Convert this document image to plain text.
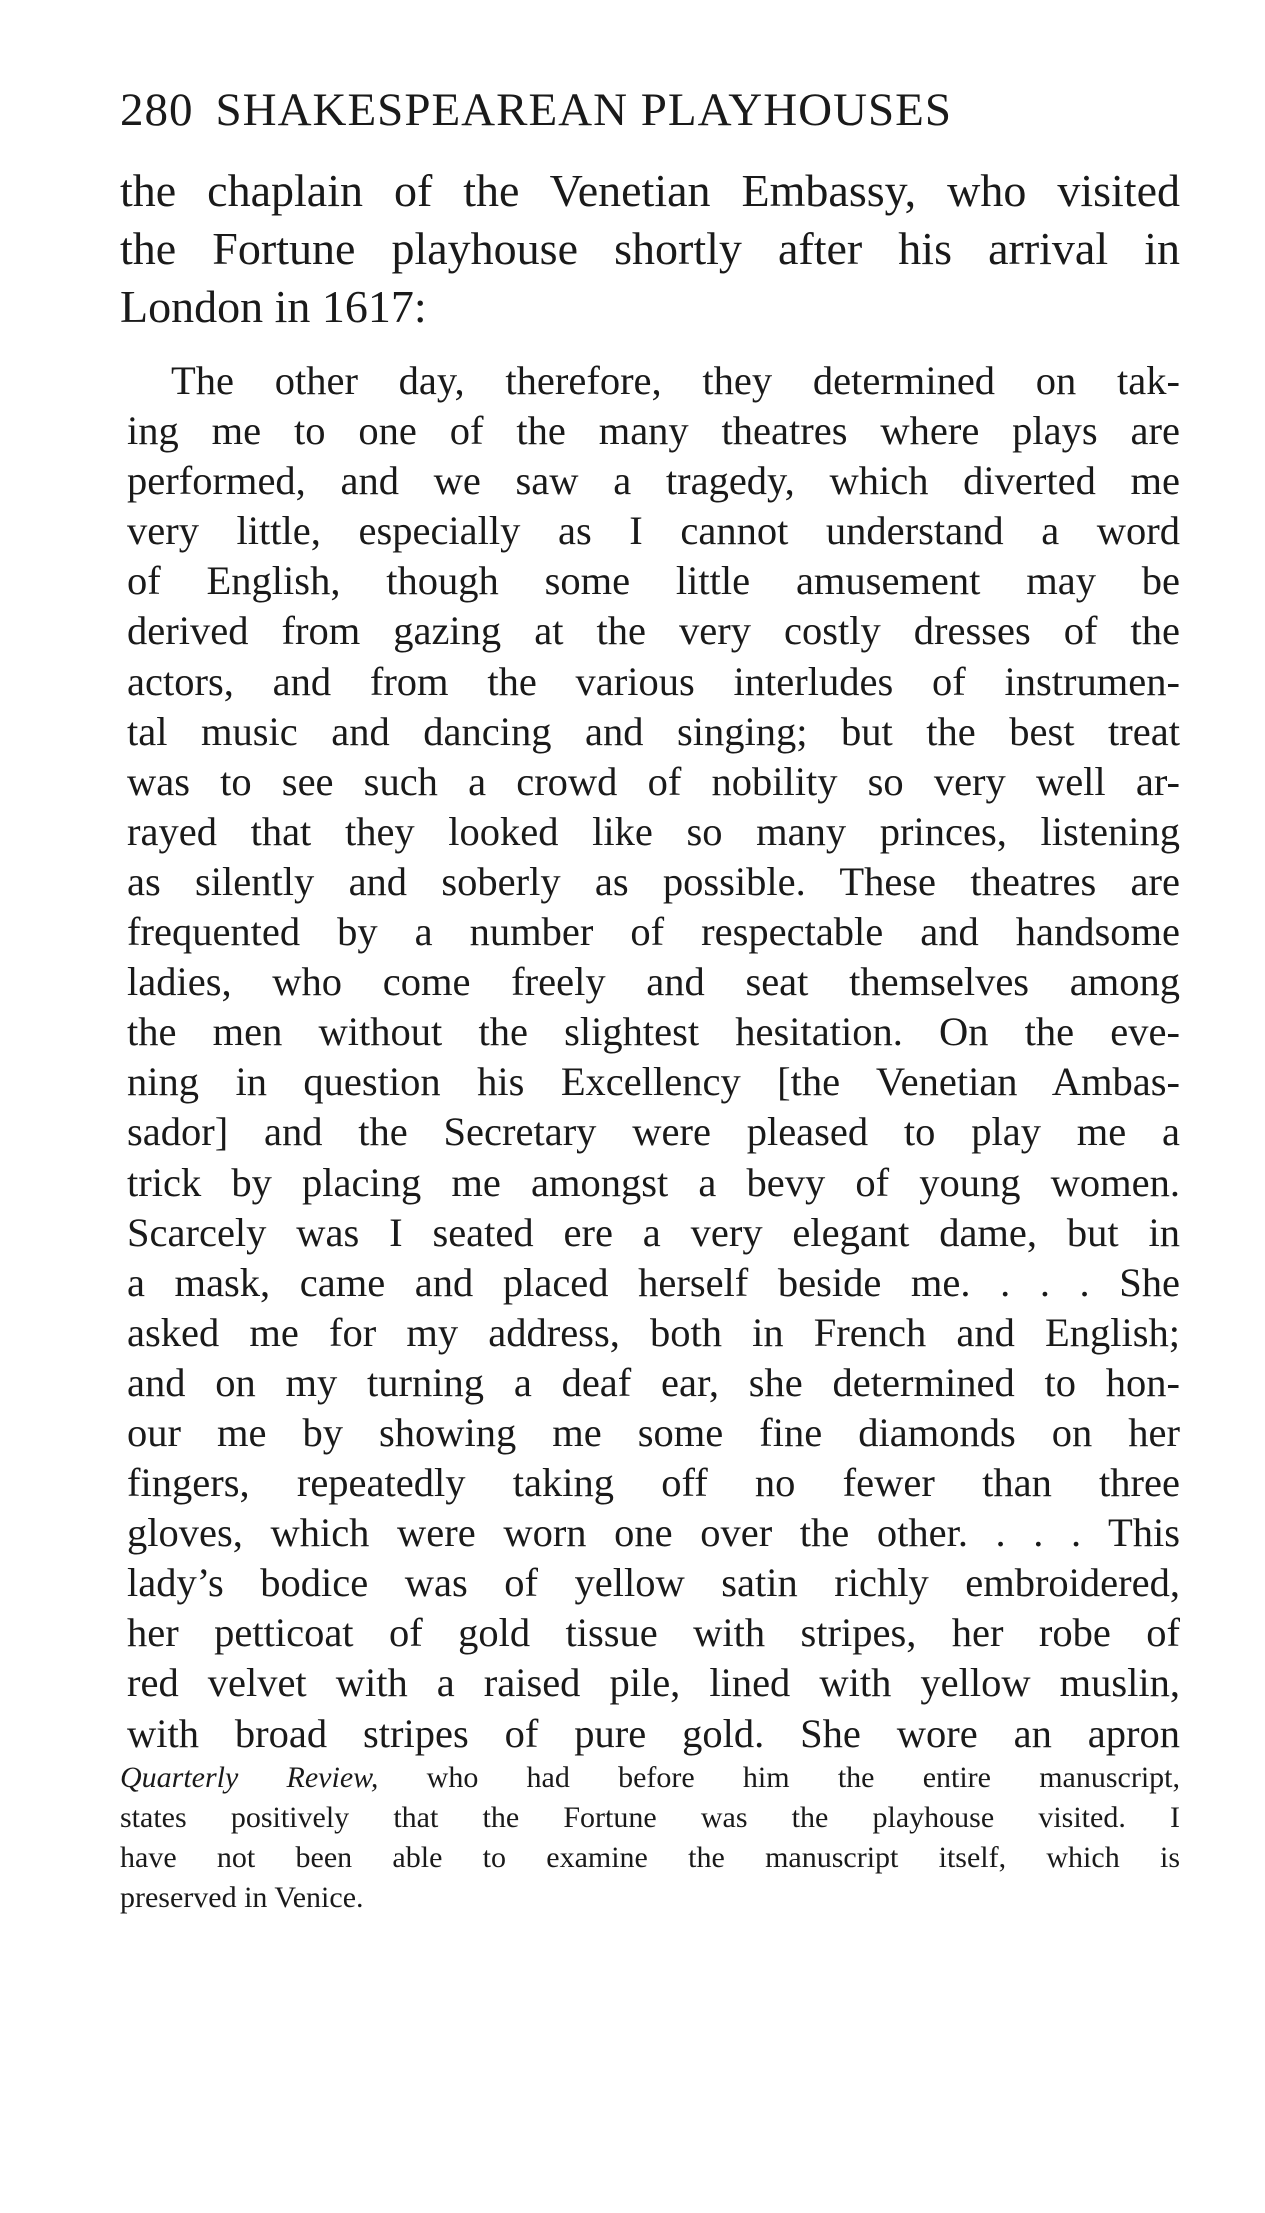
280 SHAKESPEAREAN PLAYHOUSES
the chaplain of the Venetian Embassy, who visited
the Fortune playhouse shortly after his arrival in
London in 1617:
The other day, therefore, they determined on tak-
ing me to one of the many theatres where plays are
performed, and we saw a tragedy, which diverted me
very little, especially as I cannot understand a word
of English, though some little amusement may be
derived from gazing at the very costly dresses of the
actors, and from the various interludes of instrumen-
tal music and dancing and singing; but the best treat
was to see such a crowd of nobility so very well ar-
rayed that they looked like so many princes, listening
as silently and soberly as possible. These theatres are
frequented by a number of respectable and handsome
ladies, who come freely and seat themselves among
the men without the slightest hesitation. On the eve-
ning in question his Excellency [the Venetian Ambas-
sador] and the Secretary were pleased to play me a
trick by placing me amongst a bevy of young women.
Scarcely was I seated ere a very elegant dame, but in
a mask, came and placed herself beside me. . . . She
asked me for my address, both in French and English;
and on my turning a deaf ear, she determined to hon-
our me by showing me some fine diamonds on her
fingers, repeatedly taking off no fewer than three
gloves, which were worn one over the other. . . . This
lady’s bodice was of yellow satin richly embroidered,
her petticoat of gold tissue with stripes, her robe of
red velvet with a raised pile, lined with yellow muslin,
with broad stripes of pure gold. She wore an apron
Quarterly Review, who had before him the entire manuscript,
states positively that the Fortune was the playhouse visited. I
have not been able to examine the manuscript itself, which is
preserved in Venice.
